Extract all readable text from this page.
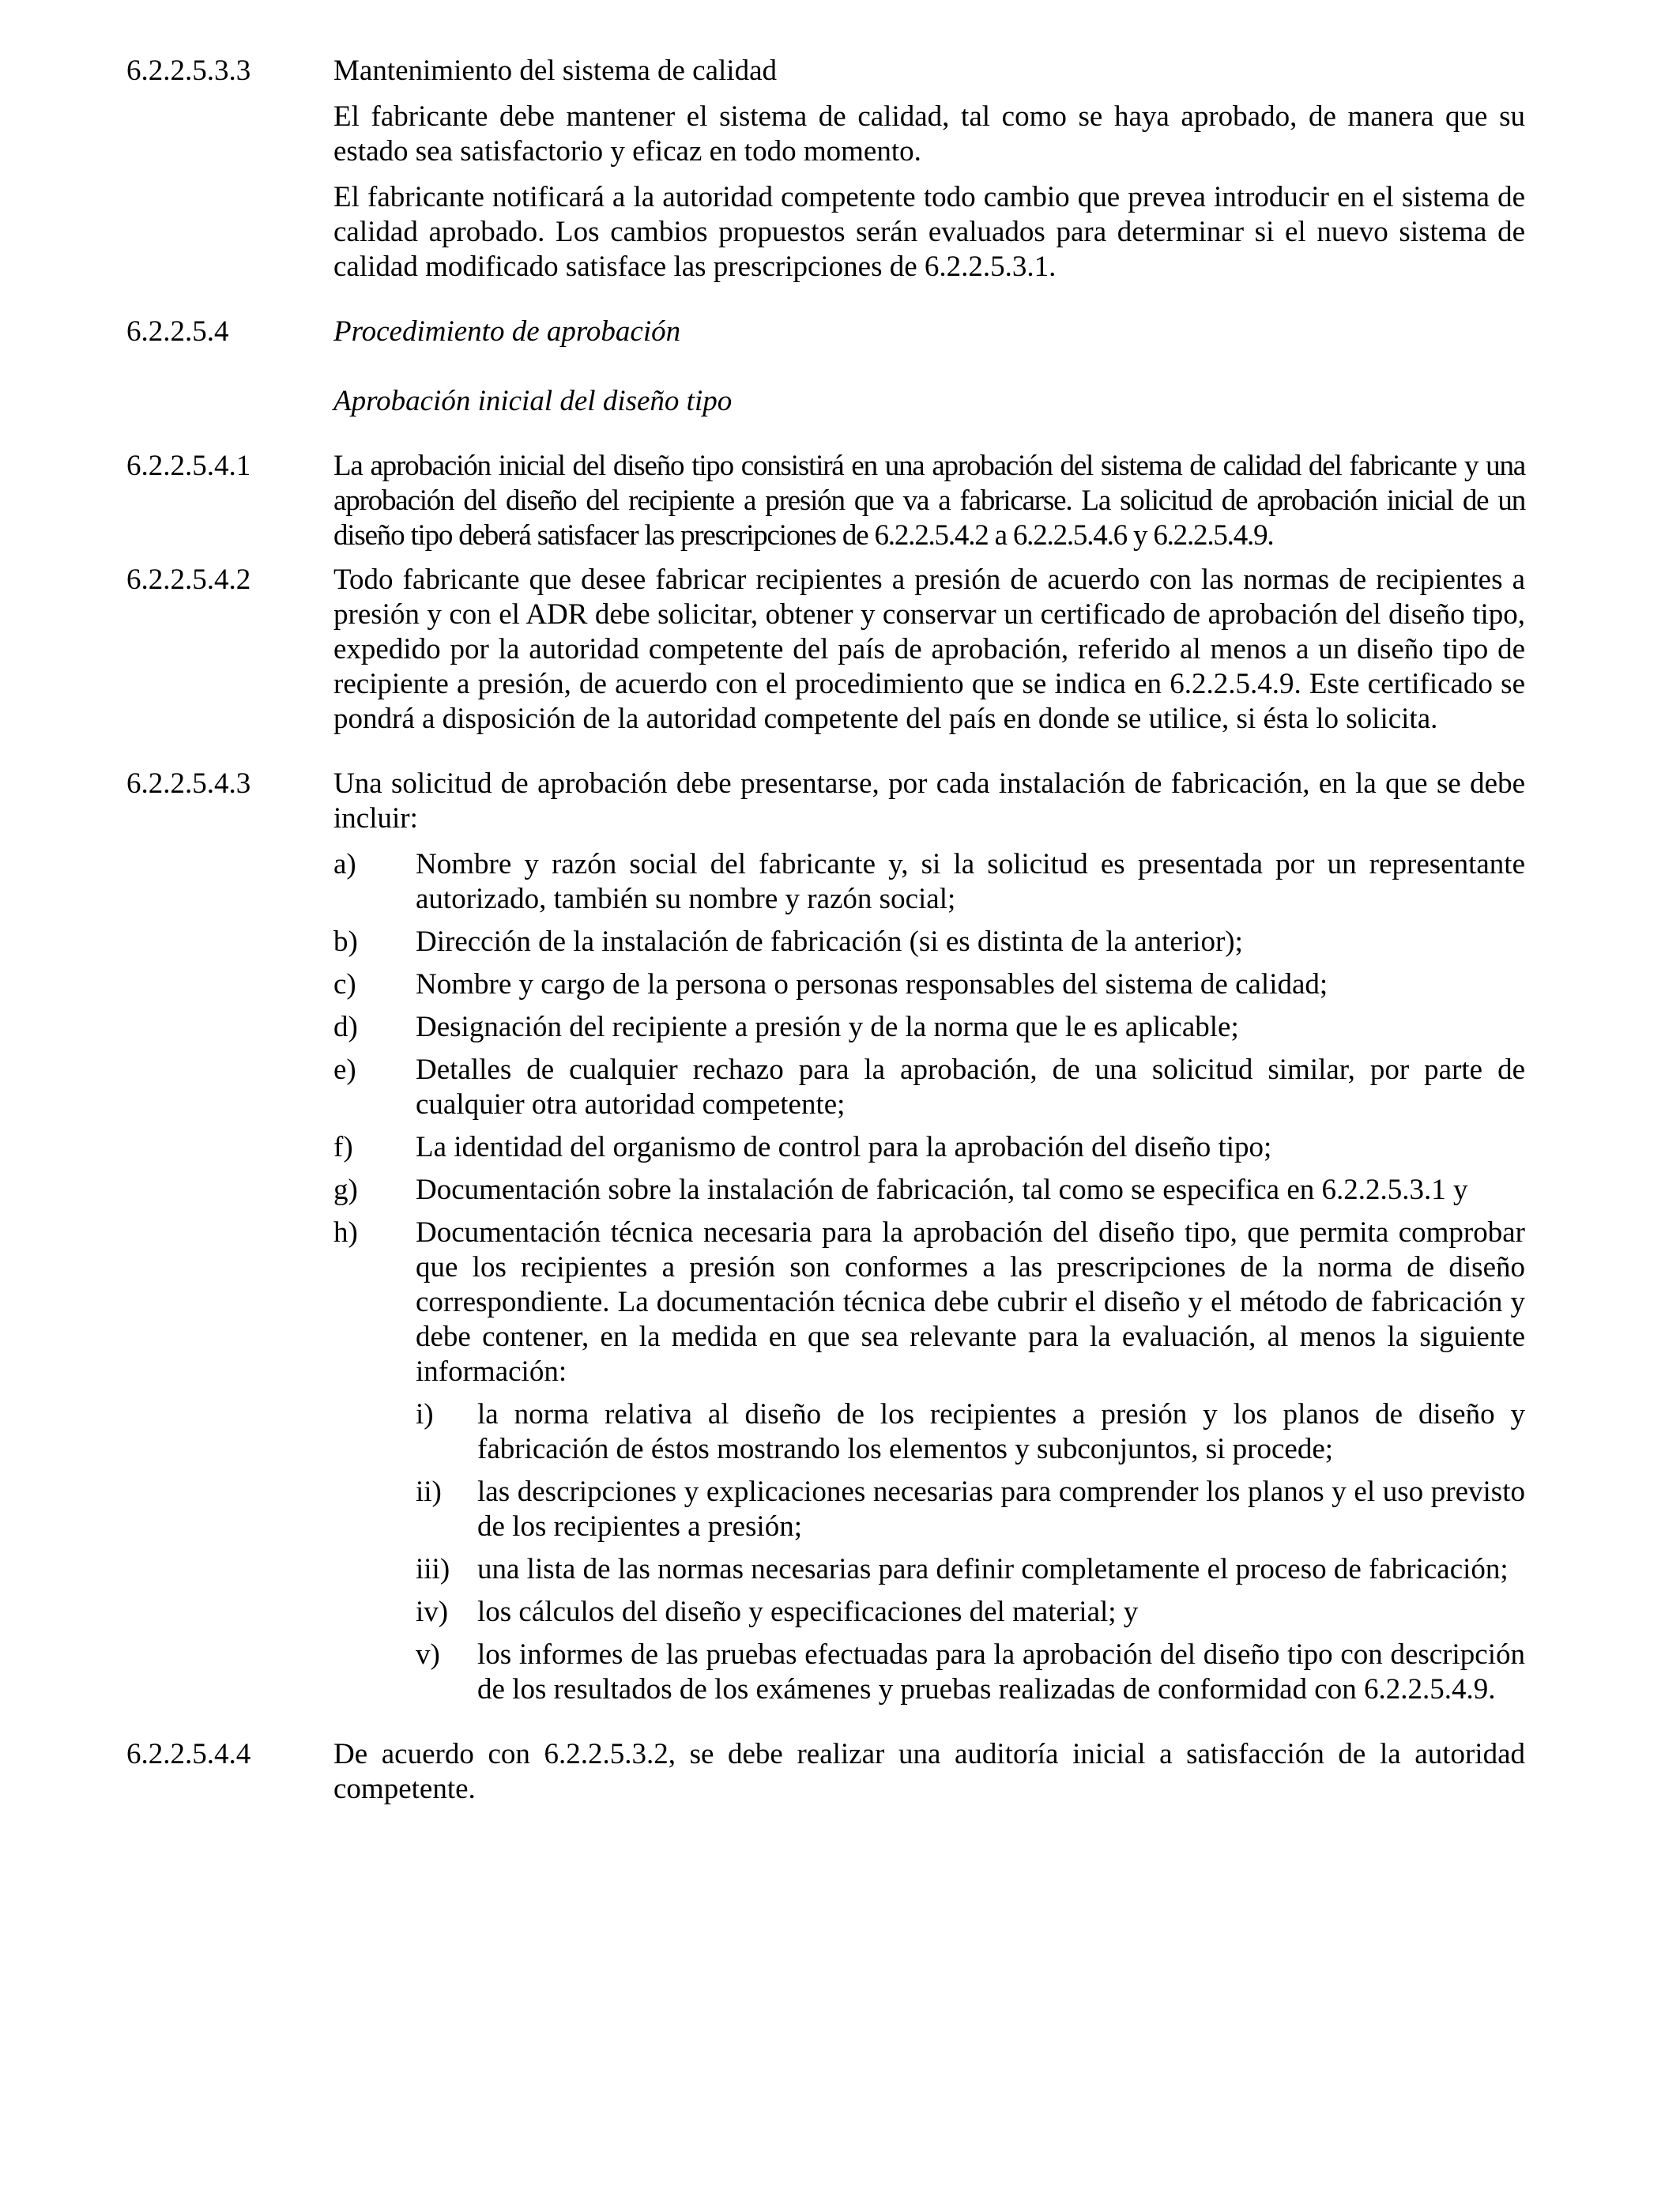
6.2.2.5.3.3	Mantenimiento del sistema de calidad

El fabricante debe mantener el sistema de calidad, tal como se haya aprobado, de manera que su estado sea satisfactorio y eficaz en todo momento.

El fabricante notificará a la autoridad competente todo cambio que prevea introducir en el sistema de calidad aprobado. Los cambios propuestos serán evaluados para determinar si el nuevo sistema de calidad modificado satisface las prescripciones de 6.2.2.5.3.1.

6.2.2.5.4	Procedimiento de aprobación

Aprobación inicial del diseño tipo

6.2.2.5.4.1	La aprobación inicial del diseño tipo consistirá en una aprobación del sistema de calidad del fabricante y una aprobación del diseño del recipiente a presión que va a fabricarse. La solicitud de aprobación inicial de un diseño tipo deberá satisfacer las prescripciones de 6.2.2.5.4.2 a 6.2.2.5.4.6 y 6.2.2.5.4.9.

6.2.2.5.4.2	Todo fabricante que desee fabricar recipientes a presión de acuerdo con las normas de recipientes a presión y con el ADR debe solicitar, obtener y conservar un certificado de aprobación del diseño tipo, expedido por la autoridad competente del país de aprobación, referido al menos a un diseño tipo de recipiente a presión, de acuerdo con el procedimiento que se indica en 6.2.2.5.4.9. Este certificado se pondrá a disposición de la autoridad competente del país en donde se utilice, si ésta lo solicita.

6.2.2.5.4.3	Una solicitud de aprobación debe presentarse, por cada instalación de fabricación, en la que se debe incluir:

a)	Nombre y razón social del fabricante y, si la solicitud es presentada por un representante autorizado, también su nombre y razón social;
b)	Dirección de la instalación de fabricación (si es distinta de la anterior);
c)	Nombre y cargo de la persona o personas responsables del sistema de calidad;
d)	Designación del recipiente a presión y de la norma que le es aplicable;
e)	Detalles de cualquier rechazo para la aprobación, de una solicitud similar, por parte de cualquier otra autoridad competente;
f)	La identidad del organismo de control para la aprobación del diseño tipo;
g)	Documentación sobre la instalación de fabricación, tal como se especifica en 6.2.2.5.3.1 y
h)	Documentación técnica necesaria para la aprobación del diseño tipo, que permita comprobar que los recipientes a presión son conformes a las prescripciones de la norma de diseño correspondiente. La documentación técnica debe cubrir el diseño y el método de fabricación y debe contener, en la medida en que sea relevante para la evaluación, al menos la siguiente información:

i)	la norma relativa al diseño de los recipientes a presión y los planos de diseño y fabricación de éstos mostrando los elementos y subconjuntos, si procede;
ii)	las descripciones y explicaciones necesarias para comprender los planos y el uso previsto de los recipientes a presión;
iii) una lista de las normas necesarias para definir completamente el proceso de fabricación;
iv) los cálculos del diseño y especificaciones del material; y
v)	los informes de las pruebas efectuadas para la aprobación del diseño tipo con descripción de los resultados de los exámenes y pruebas realizadas de conformidad con 6.2.2.5.4.9.
6.2.2.5.4.4	De acuerdo con 6.2.2.5.3.2, se debe realizar una auditoría inicial a satisfacción de la autoridad competente.
